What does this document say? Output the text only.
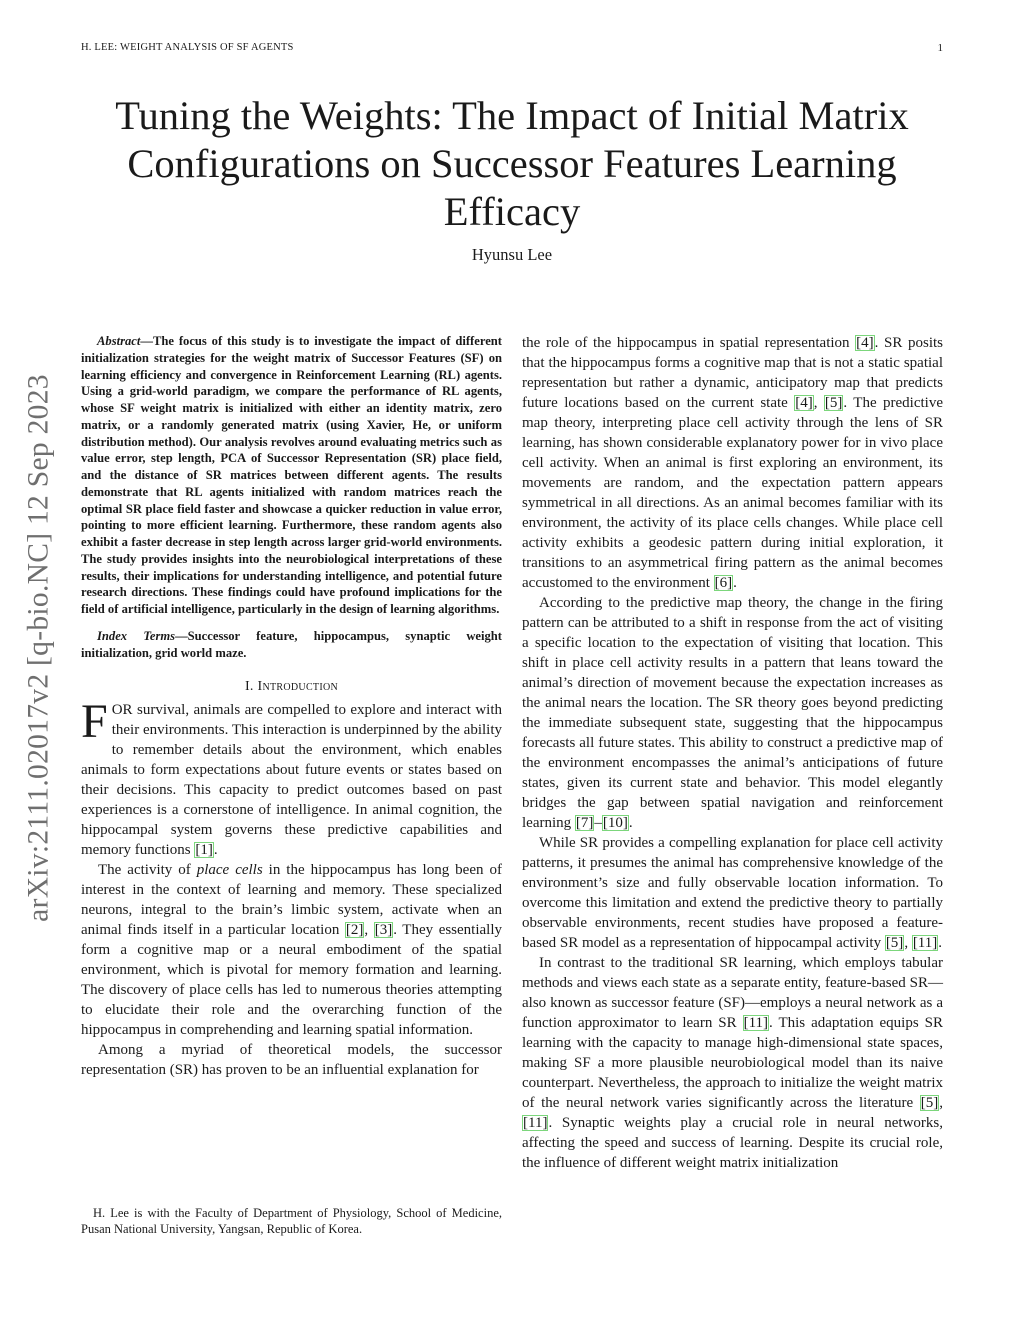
H. LEE: WEIGHT ANALYSIS OF SF AGENTS	1
Tuning the Weights: The Impact of Initial Matrix Configurations on Successor Features Learning Efficacy
Hyunsu Lee
arXiv:2111.02017v2 [q-bio.NC] 12 Sep 2023

Abstract—The focus of this study is to investigate the impact of different initialization strategies for the weight matrix of Successor Features (SF) on learning efficiency and convergence in Reinforcement Learning (RL) agents. Using a grid-world paradigm, we compare the performance of RL agents, whose SF weight matrix is initialized with either an identity matrix, zero matrix, or a randomly generated matrix (using Xavier, He, or uniform distribution method). Our analysis revolves around evaluating metrics such as value error, step length, PCA of Successor Representation (SR) place field, and the distance of SR matrices between different agents. The results demonstrate that RL agents initialized with random matrices reach the optimal SR place field faster and showcase a quicker reduction in value error, pointing to more efficient learning. Furthermore, these random agents also exhibit a faster decrease in step length across larger grid-world environments. The study provides insights into the neurobiological interpretations of these results, their implications for understanding intelligence, and potential future research directions. These findings could have profound implications for the field of artificial intelligence, particularly in the design of learning algorithms.

Index Terms—Successor feature, hippocampus, synaptic weight initialization, grid world maze.

I. Introduction

FOR survival, animals are compelled to explore and interact with their environments. This interaction is underpinned by the ability to remember details about the environment, which enables animals to form expectations about future events or states based on their decisions. This capacity to predict outcomes based on past experiences is a cornerstone of intelligence. In animal cognition, the hippocampal system governs these predictive capabilities and memory functions [1].

The activity of place cells in the hippocampus has long been of interest in the context of learning and memory. These specialized neurons, integral to the brain’s limbic system, activate when an animal finds itself in a particular location [2], [3]. They essentially form a cognitive map or a neural embodiment of the spatial environment, which is pivotal for memory formation and learning. The discovery of place cells has led to numerous theories attempting to elucidate their role and the overarching function of the hippocampus in comprehending and learning spatial information.

Among a myriad of theoretical models, the successor representation (SR) has proven to be an influential explanation for

H. Lee is with the Faculty of Department of Physiology, School of Medicine, Pusan National University, Yangsan, Republic of Korea.

the role of the hippocampus in spatial representation [4]. SR posits that the hippocampus forms a cognitive map that is not a static spatial representation but rather a dynamic, anticipatory map that predicts future locations based on the current state [4], [5]. The predictive map theory, interpreting place cell activity through the lens of SR learning, has shown considerable explanatory power for in vivo place cell activity. When an animal is first exploring an environment, its movements are random, and the expectation pattern appears symmetrical in all directions. As an animal becomes familiar with its environment, the activity of its place cells changes. While place cell activity exhibits a geodesic pattern during initial exploration, it transitions to an asymmetrical firing pattern as the animal becomes accustomed to the environment [6].

According to the predictive map theory, the change in the firing pattern can be attributed to a shift in response from the act of visiting a specific location to the expectation of visiting that location. This shift in place cell activity results in a pattern that leans toward the animal’s direction of movement because the expectation increases as the animal nears the location. The SR theory goes beyond predicting the immediate subsequent state, suggesting that the hippocampus forecasts all future states. This ability to construct a predictive map of the environment encompasses the animal’s anticipations of future states, given its current state and behavior. This model elegantly bridges the gap between spatial navigation and reinforcement learning [7]–[10].

While SR provides a compelling explanation for place cell activity patterns, it presumes the animal has comprehensive knowledge of the environment’s size and fully observable location information. To overcome this limitation and extend the predictive theory to partially observable environments, recent studies have proposed a feature-based SR model as a representation of hippocampal activity [5], [11].

In contrast to the traditional SR learning, which employs tabular methods and views each state as a separate entity, feature-based SR—also known as successor feature (SF)—employs a neural network as a function approximator to learn SR [11]. This adaptation equips SR learning with the capacity to manage high-dimensional state spaces, making SF a more plausible neurobiological model than its naive counterpart. Nevertheless, the approach to initialize the weight matrix of the neural network varies significantly across the literature [5], [11]. Synaptic weights play a crucial role in neural networks, affecting the speed and success of learning. Despite its crucial role, the influence of different weight matrix initialization
